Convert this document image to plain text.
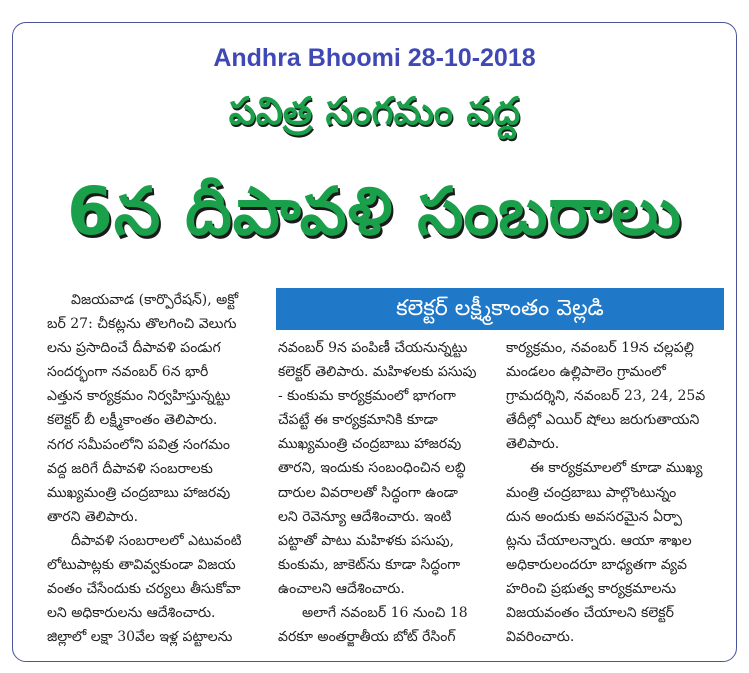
Andhra Bhoomi 28-10-2018
పవిత్ర సంగమం వద్ద
6న దీపావళి సంబరాలు
కలెక్టర్ లక్ష్మీకాంతం వెల్లడి

విజయవాడ (కార్పొరేషన్), అక్టో

బర్ 27: చీకట్లను తొలగించి వెలుగు

లను ప్రసాదించే దీపావళి పండుగ

సందర్భంగా నవంబర్ 6న భారీ

ఎత్తున కార్యక్రమం నిర్వహిస్తున్నట్టు

కలెక్టర్ బీ లక్ష్మీకాంతం తెలిపారు.

నగర సమీపంలోని పవిత్ర సంగమం

వద్ద జరిగే దీపావళి సంబరాలకు

ముఖ్యమంత్రి చంద్రబాబు హాజరవు

తారని తెలిపారు.

దీపావళి సంబరాలలో ఎటువంటి

లోటుపాట్లకు తావివ్వకుండా విజయ

వంతం చేసేందుకు చర్యలు తీసుకోవా

లని అధికారులను ఆదేశించారు.

జిల్లాలో లక్షా 30వేల ఇళ్ల పట్టాలను

నవంబర్ 9న పంపిణీ చేయనున్నట్టు

కలెక్టర్ తెలిపారు. మహిళలకు పసుపు

- కుంకుమ కార్యక్రమంలో భాగంగా

చేపట్టే ఈ కార్యక్రమానికి కూడా

ముఖ్యమంత్రి చంద్రబాబు హాజరవు

తారని, ఇందుకు సంబంధించిన లబ్ధి

దారుల వివరాలతో సిద్ధంగా ఉండా

లని రెవెన్యూ ఆదేశించారు. ఇంటి

పట్టాతో పాటు మహిళకు పసుపు,

కుంకుమ, జాకెట్‌ను కూడా సిద్ధంగా

ఉంచాలని ఆదేశించారు.

అలాగే నవంబర్ 16 నుంచి 18

వరకూ అంతర్జాతీయ బోట్ రేసింగ్

కార్యక్రమం, నవంబర్ 19న చల్లపల్లి

మండలం ఉల్లిపాలెం గ్రామంలో

గ్రామదర్శిని, నవంబర్ 23, 24, 25వ

తేదీల్లో ఎయిర్ షోలు జరుగుతాయని

తెలిపారు.

ఈ కార్యక్రమాలలో కూడా ముఖ్య

మంత్రి చంద్రబాబు పాల్గొంటున్నం

దున అందుకు అవసరమైన ఏర్పా

ట్లను చేయాలన్నారు. ఆయా శాఖల

అధికారులందరూ బాధ్యతగా వ్యవ

హరించి ప్రభుత్వ కార్యక్రమాలను

విజయవంతం చేయాలని కలెక్టర్

వివరించారు.
